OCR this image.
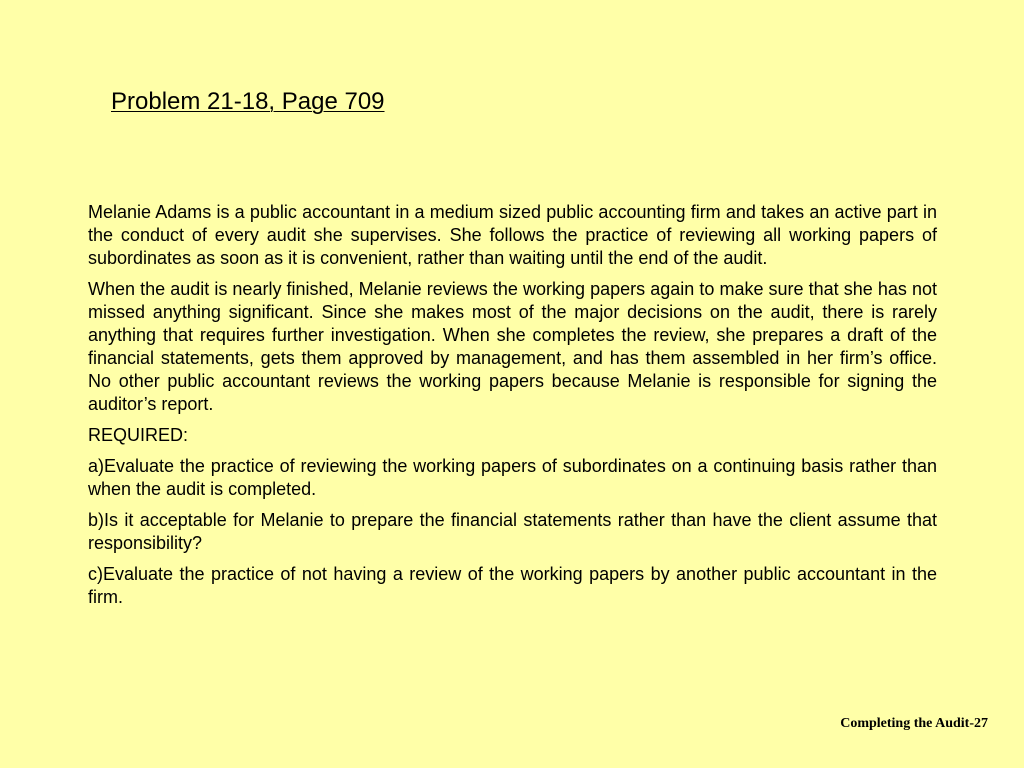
Problem 21-18, Page 709

Melanie Adams is a public accountant in a medium sized public accounting firm and takes an active part in the conduct of every audit she supervises. She follows the practice of reviewing all working papers of subordinates as soon as it is convenient, rather than waiting until the end of the audit.

When the audit is nearly finished, Melanie reviews the working papers again to make sure that she has not missed anything significant. Since she makes most of the major decisions on the audit, there is rarely anything that requires further investigation. When she completes the review, she prepares a draft of the financial statements, gets them approved by management, and has them assembled in her firm’s office. No other public accountant reviews the working papers because Melanie is responsible for signing the auditor’s report.

REQUIRED:

a)Evaluate the practice of reviewing the working papers of subordinates on a continuing basis rather than when the audit is completed.

b)Is it acceptable for Melanie to prepare the financial statements rather than have the client assume that responsibility?

c)Evaluate the practice of not having a review of the working papers by another public accountant in the firm.

Completing the Audit-27
